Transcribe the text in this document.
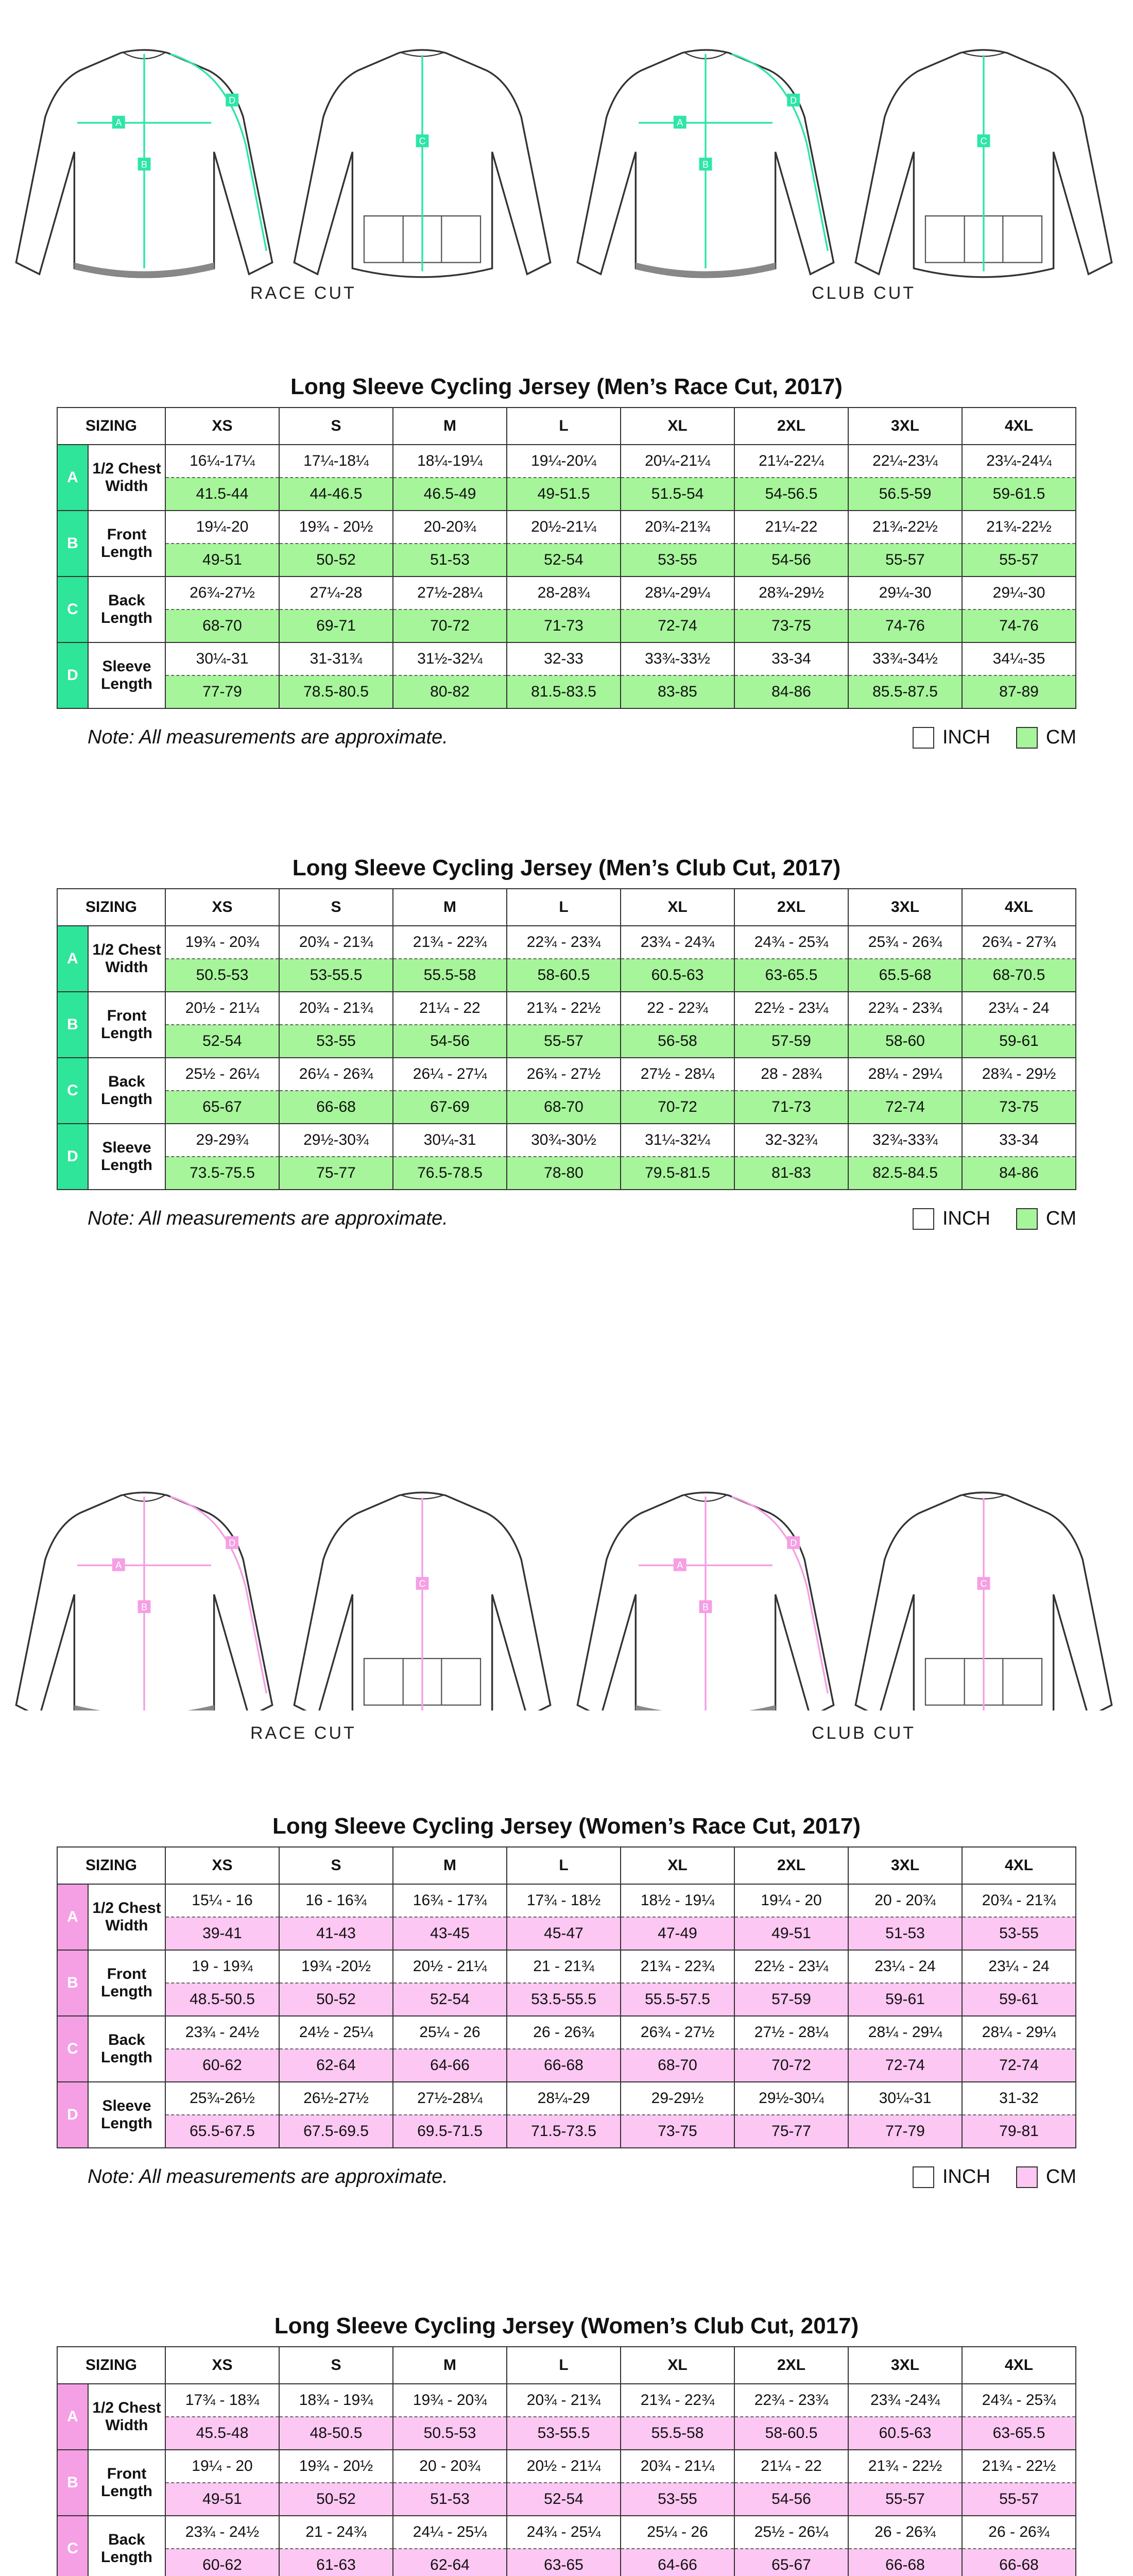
A
B
D
C
A
B
D
C
RACE CUT	CLUB CUT
Long Sleeve Cycling Jersey (Men’s Race Cut, 2017)
SIZING		XS	S	M	L	XL	2XL	3XL	4XL
A	1/2 Chest Width	16¼-17¼	17¼-18¼	18¼-19¼	19¼-20¼	20¼-21¼	21¼-22¼	22¼-23¼	23¼-24¼
		41.5-44	44-46.5	46.5-49	49-51.5	51.5-54	54-56.5	56.5-59	59-61.5
B	Front Length	19¼-20	19¾ - 20½	20-20¾	20½-21¼	20¾-21¾	21¼-22	21¾-22½	21¾-22½
		49-51	50-52	51-53	52-54	53-55	54-56	55-57	55-57
C	Back Length	26¾-27½	27¼-28	27½-28¼	28-28¾	28¼-29¼	28¾-29½	29¼-30	29¼-30
		68-70	69-71	70-72	71-73	72-74	73-75	74-76	74-76
D	Sleeve Length	30¼-31	31-31¾	31½-32¼	32-33	33¾-33½	33-34	33¾-34½	34¼-35
		77-79	78.5-80.5	80-82	81.5-83.5	83-85	84-86	85.5-87.5	87-89
Note: All measurements are approximate.	INCH	CM
Long Sleeve Cycling Jersey (Men’s Club Cut, 2017)
SIZING		XS	S	M	L	XL	2XL	3XL	4XL
A	1/2 Chest Width	19¾ - 20¾	20¾ - 21¾	21¾ - 22¾	22¾ - 23¾	23¾ - 24¾	24¾ - 25¾	25¾ - 26¾	26¾ - 27¾
		50.5-53	53-55.5	55.5-58	58-60.5	60.5-63	63-65.5	65.5-68	68-70.5
B	Front Length	20½ - 21¼	20¾ - 21¾	21¼ - 22	21¾ - 22½	22 - 22¾	22½ - 23¼	22¾ - 23¾	23¼ - 24
		52-54	53-55	54-56	55-57	56-58	57-59	58-60	59-61
C	Back Length	25½ - 26¼	26¼ - 26¾	26¼ - 27¼	26¾ - 27½	27½ - 28¼	28 - 28¾	28¼ - 29¼	28¾ - 29½
		65-67	66-68	67-69	68-70	70-72	71-73	72-74	73-75
D	Sleeve Length	29-29¾	29½-30¾	30¼-31	30¾-30½	31¼-32¼	32-32¾	32¾-33¾	33-34
		73.5-75.5	75-77	76.5-78.5	78-80	79.5-81.5	81-83	82.5-84.5	84-86
Note: All measurements are approximate.	INCH	CM
A
B
D
C
A
B
D
C
RACE CUT	CLUB CUT
Long Sleeve Cycling Jersey (Women’s Race Cut, 2017)
SIZING		XS	S	M	L	XL	2XL	3XL	4XL
A	1/2 Chest Width	15¼ - 16	16 - 16¾	16¾ - 17¾	17¾ - 18½	18½ - 19¼	19¼ - 20	20 - 20¾	20¾ - 21¾
		39-41	41-43	43-45	45-47	47-49	49-51	51-53	53-55
B	Front Length	19 - 19¾	19¾ -20½	20½ - 21¼	21 - 21¾	21¾ - 22¾	22½ - 23¼	23¼ - 24	23¼ - 24
		48.5-50.5	50-52	52-54	53.5-55.5	55.5-57.5	57-59	59-61	59-61
C	Back Length	23¾ - 24½	24½ - 25¼	25¼ - 26	26 - 26¾	26¾ - 27½	27½ - 28¼	28¼ - 29¼	28¼ - 29¼
		60-62	62-64	64-66	66-68	68-70	70-72	72-74	72-74
D	Sleeve Length	25¾-26½	26½-27½	27½-28¼	28¼-29	29-29½	29½-30¼	30¼-31	31-32
		65.5-67.5	67.5-69.5	69.5-71.5	71.5-73.5	73-75	75-77	77-79	79-81
Note: All measurements are approximate.	INCH	CM
Long Sleeve Cycling Jersey (Women’s Club Cut, 2017)
SIZING		XS	S	M	L	XL	2XL	3XL	4XL
A	1/2 Chest Width	17¾ - 18¾	18¾ - 19¾	19¾ - 20¾	20¾ - 21¾	21¾ - 22¾	22¾ - 23¾	23¾ -24¾	24¾ - 25¾
		45.5-48	48-50.5	50.5-53	53-55.5	55.5-58	58-60.5	60.5-63	63-65.5
B	Front Length	19¼ - 20	19¾ - 20½	20 - 20¾	20½ - 21¼	20¾ - 21¼	21¼ - 22	21¾ - 22½	21¾ - 22½
		49-51	50-52	51-53	52-54	53-55	54-56	55-57	55-57
C	Back Length	23¾ - 24½	21 - 24¾	24¼ - 25¼	24¾ - 25¼	25¼ - 26	25½ - 26¼	26 - 26¾	26 - 26¾
		60-62	61-63	62-64	63-65	64-66	65-67	66-68	66-68
